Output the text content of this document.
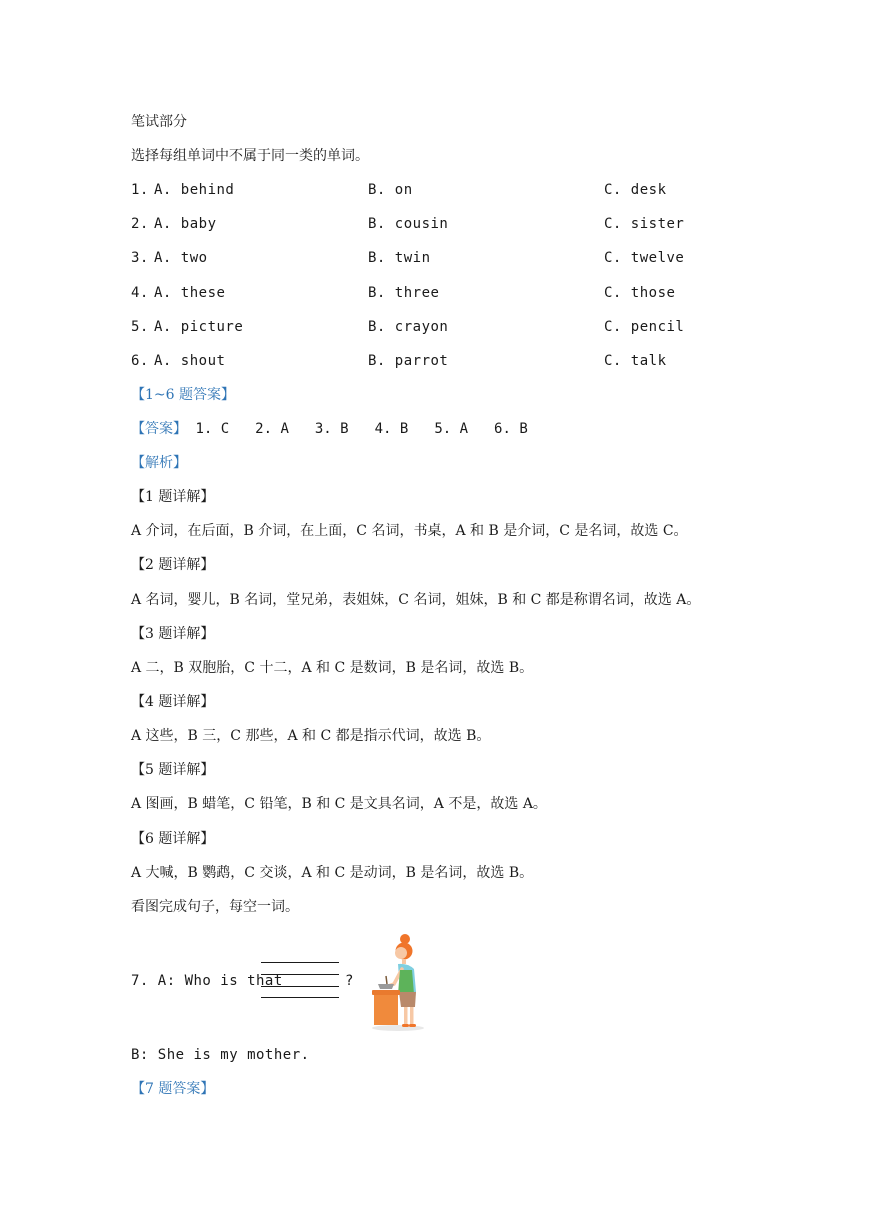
笔试部分
选择每组单词中不属于同一类的单词。
1. A. behind	B. on	C. desk
2. A. baby	B. cousin	C. sister
3. A. two	B. twin	C. twelve
4. A. these	B. three	C. those
5. A. picture	B. crayon	C. pencil
6. A. shout	B. parrot	C. talk
【1~6 题答案】
【答案】 1. C 2. A 3. B 4. B 5. A 6. B
【解析】
【1 题详解】
A 介词，在后面，B 介词，在上面，C 名词，书桌，A 和 B 是介词，C 是名词，故选 C。
【2 题详解】
A 名词，婴儿，B 名词，堂兄弟，表姐妹，C 名词，姐妹，B 和 C 都是称谓名词，故选 A。
【3 题详解】
A 二，B 双胞胎，C 十二，A 和 C 是数词，B 是名词，故选 B。
【4 题详解】
A 这些，B 三，C 那些，A 和 C 都是指示代词，故选 B。
【5 题详解】
A 图画，B 蜡笔，C 铅笔，B 和 C 是文具名词，A 不是，故选 A。
【6 题详解】
A 大喊，B 鹦鹉，C 交谈，A 和 C 是动词，B 是名词，故选 B。
看图完成句子，每空一词。
7. A: Who is that	?
B: She is my mother.
【7 题答案】
